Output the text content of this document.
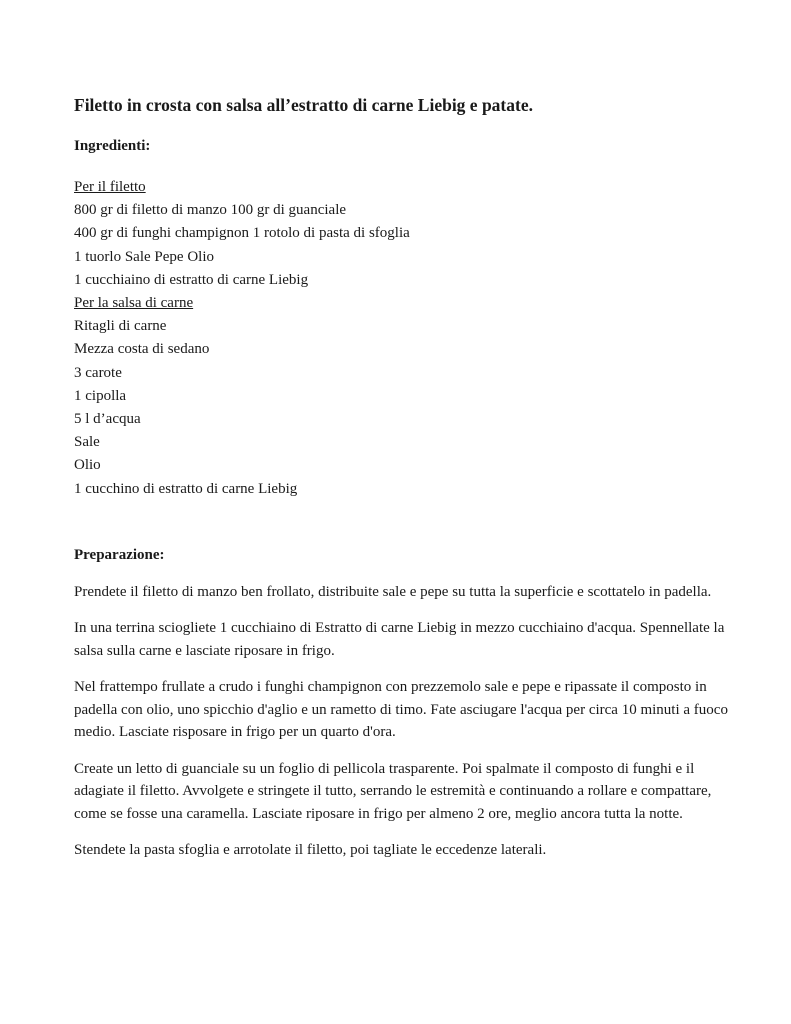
Filetto in crosta con salsa all’estratto di carne Liebig e patate.
Ingredienti:
Per il filetto
800 gr di filetto di manzo 100 gr di guanciale
400 gr di funghi champignon 1 rotolo di pasta di sfoglia
1 tuorlo Sale Pepe Olio
1 cucchiaino di estratto di carne Liebig
Per la salsa di carne
Ritagli di carne
Mezza costa di sedano
3 carote
1 cipolla
5 l d’acqua
Sale
Olio
1 cucchino di estratto di carne Liebig
Preparazione:

Prendete il filetto di manzo ben frollato, distribuite sale e pepe su tutta la superficie e scottatelo in padella.

In una terrina sciogliete 1 cucchiaino di Estratto di carne Liebig in mezzo cucchiaino d'acqua. Spennellate la salsa sulla carne e lasciate riposare in frigo.

Nel frattempo frullate a crudo i funghi champignon con prezzemolo sale e pepe e ripassate il composto in padella con olio, uno spicchio d'aglio e un rametto di timo. Fate asciugare l'acqua per circa 10 minuti a fuoco medio. Lasciate risposare in frigo per un quarto d'ora.

Create un letto di guanciale su un foglio di pellicola trasparente. Poi spalmate il composto di funghi e il adagiate il filetto. Avvolgete e stringete il tutto, serrando le estremità e continuando a rollare e compattare, come se fosse una caramella. Lasciate riposare in frigo per almeno 2 ore, meglio ancora tutta la notte.

Stendete la pasta sfoglia e arrotolate il filetto, poi tagliate le eccedenze laterali.
